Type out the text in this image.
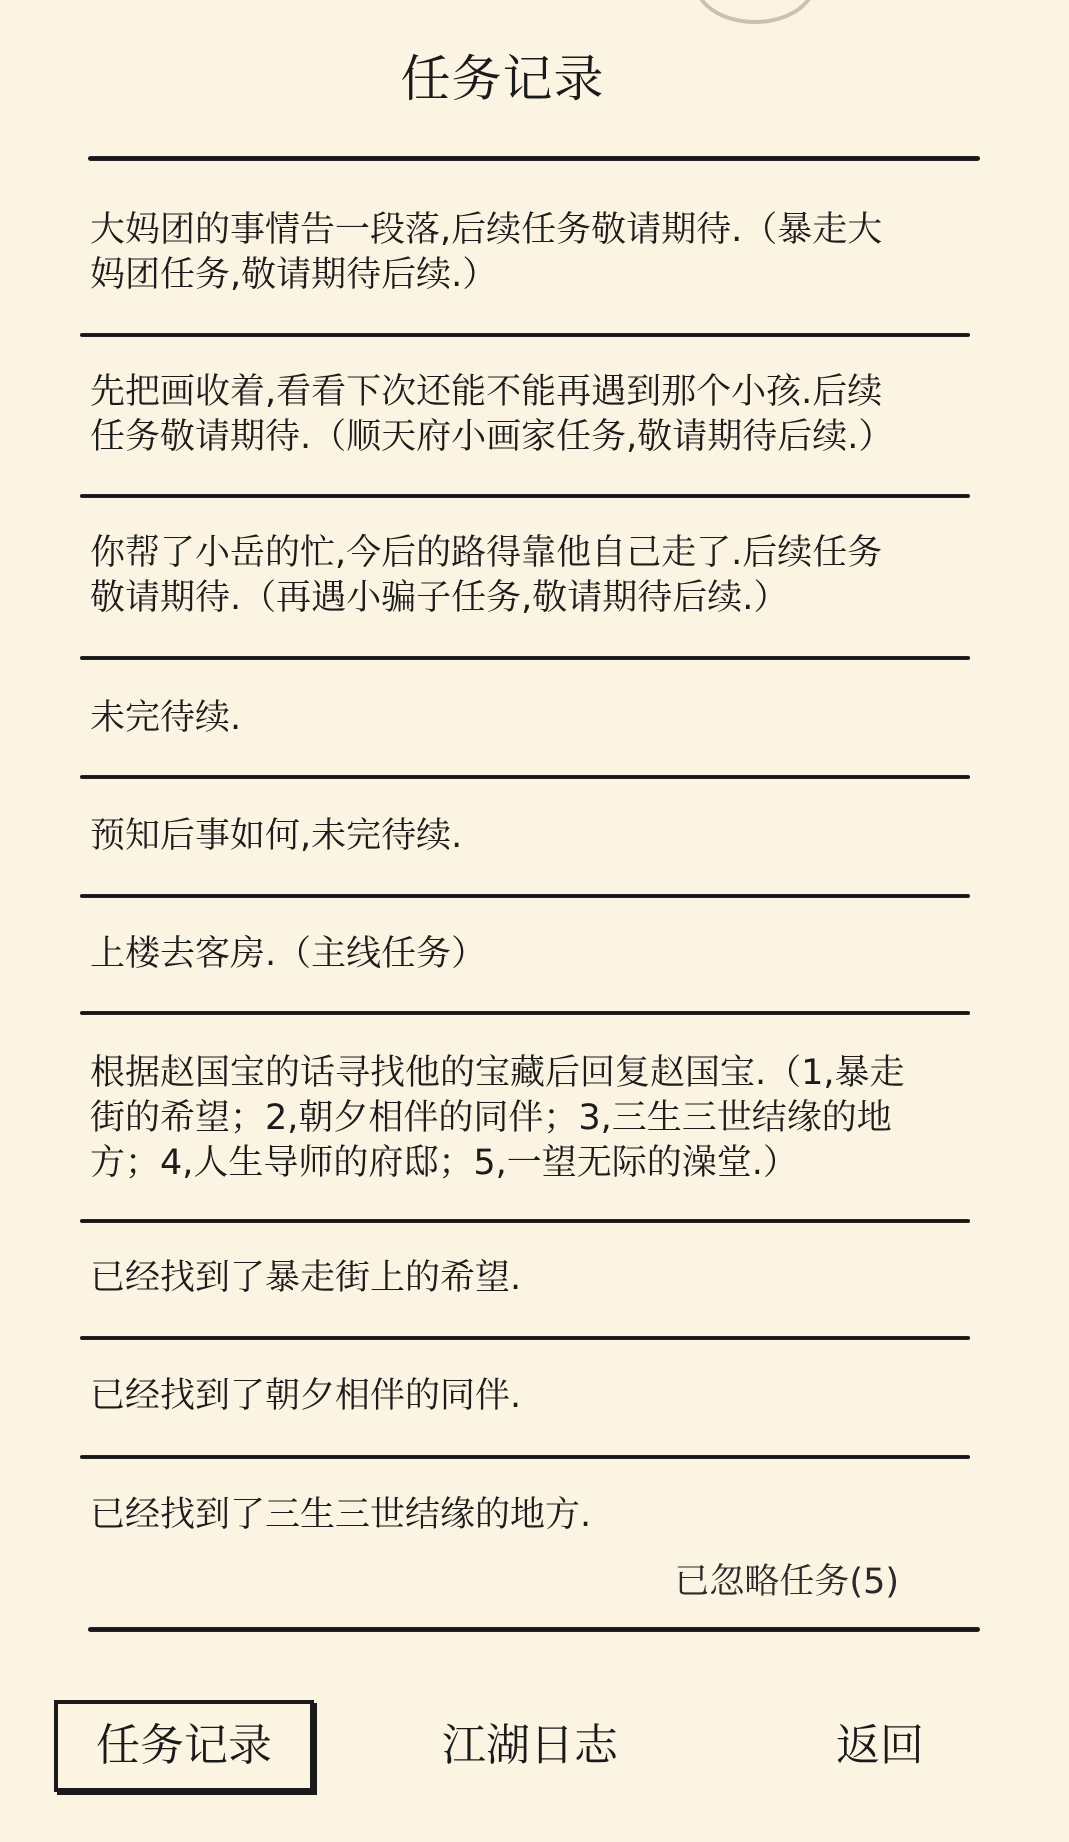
任务记录
大妈团的事情告一段落,后续任务敬请期待.（暴走大
妈团任务,敬请期待后续.）
先把画收着,看看下次还能不能再遇到那个小孩.后续
任务敬请期待.（顺天府小画家任务,敬请期待后续.）
你帮了小岳的忙,今后的路得靠他自己走了.后续任务
敬请期待.（再遇小骗子任务,敬请期待后续.）
未完待续.
预知后事如何,未完待续.
上楼去客房.（主线任务）
根据赵国宝的话寻找他的宝藏后回复赵国宝.（1,暴走
街的希望；2,朝夕相伴的同伴；3,三生三世结缘的地
方；4,人生导师的府邸；5,一望无际的澡堂.）
已经找到了暴走街上的希望.
已经找到了朝夕相伴的同伴.
已经找到了三生三世结缘的地方.
已忽略任务(5)
任务记录	江湖日志	返回
